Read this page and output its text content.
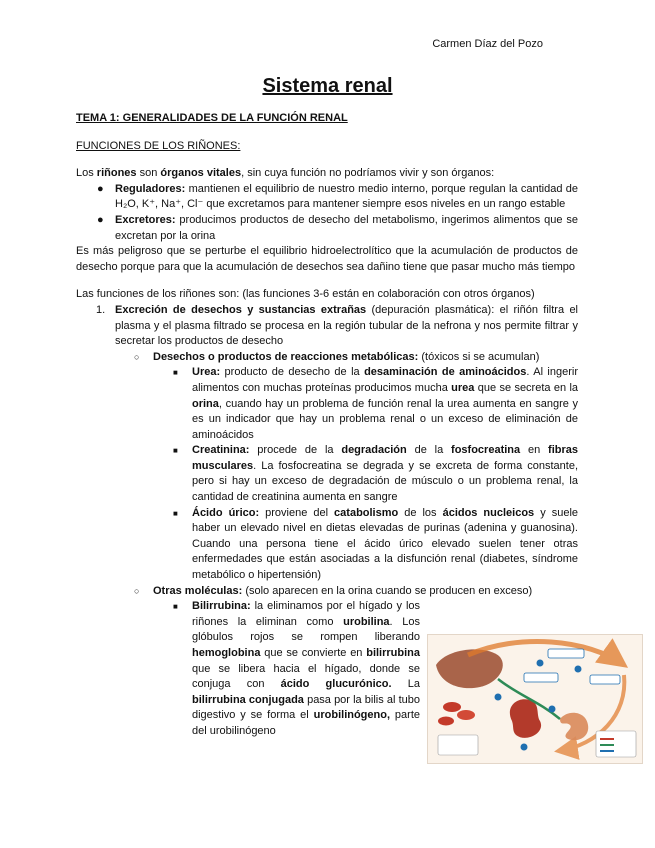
Carmen Díaz del Pozo
Sistema renal

TEMA 1: GENERALIDADES DE LA FUNCIÓN RENAL

FUNCIONES DE LOS RIÑONES:

Los riñones son órganos vitales, sin cuya función no podríamos vivir y son órganos:

● Reguladores: mantienen el equilibrio de nuestro medio interno, porque regulan la cantidad de H₂O, K⁺, Na⁺, Cl⁻ que excretamos para mantener siempre esos niveles en un rango estable
● Excretores: producimos productos de desecho del metabolismo, ingerimos alimentos que se excretan por la orina

Es más peligroso que se perturbe el equilibrio hidroelectrolítico que la acumulación de productos de desecho porque para que la acumulación de desechos sea dañino tiene que pasar mucho más tiempo

Las funciones de los riñones son: (las funciones 3-6 están en colaboración con otros órganos)

1. Excreción de desechos y sustancias extrañas (depuración plasmática): el riñón filtra el plasma y el plasma filtrado se procesa en la región tubular de la nefrona y nos permite filtrar y secretar los productos de desecho
○ Desechos o productos de reacciones metabólicas: (tóxicos si se acumulan)
■ Urea: producto de desecho de la desaminación de aminoácidos. Al ingerir alimentos con muchas proteínas producimos mucha urea que se secreta en la orina, cuando hay un problema de función renal la urea aumenta en sangre y es un indicador que hay un problema renal o un exceso de eliminación de aminoácidos
■ Creatinina: procede de la degradación de la fosfocreatina en fibras musculares. La fosfocreatina se degrada y se excreta de forma constante, pero si hay un exceso de degradación de músculo o un problema renal, la cantidad de creatinina aumenta en sangre
■ Ácido úrico: proviene del catabolismo de los ácidos nucleicos y suele haber un elevado nivel en dietas elevadas de purinas (adenina y guanosina). Cuando una persona tiene el ácido úrico elevado suelen tener otras enfermedades que están asociadas a la disfunción renal (diabetes, síndrome metabólico o hipertensión)
○ Otras moléculas: (solo aparecen en la orina cuando se producen en exceso)
■ Bilirrubina: la eliminamos por el hígado y los riñones la eliminan como urobilina. Los glóbulos rojos se rompen liberando hemoglobina que se convierte en bilirrubina que se libera hacia el hígado, donde se conjuga con ácido glucurónico. La bilirrubina conjugada pasa por la bilis al tubo digestivo y se forma el urobilinógeno, parte del urobilinógeno
